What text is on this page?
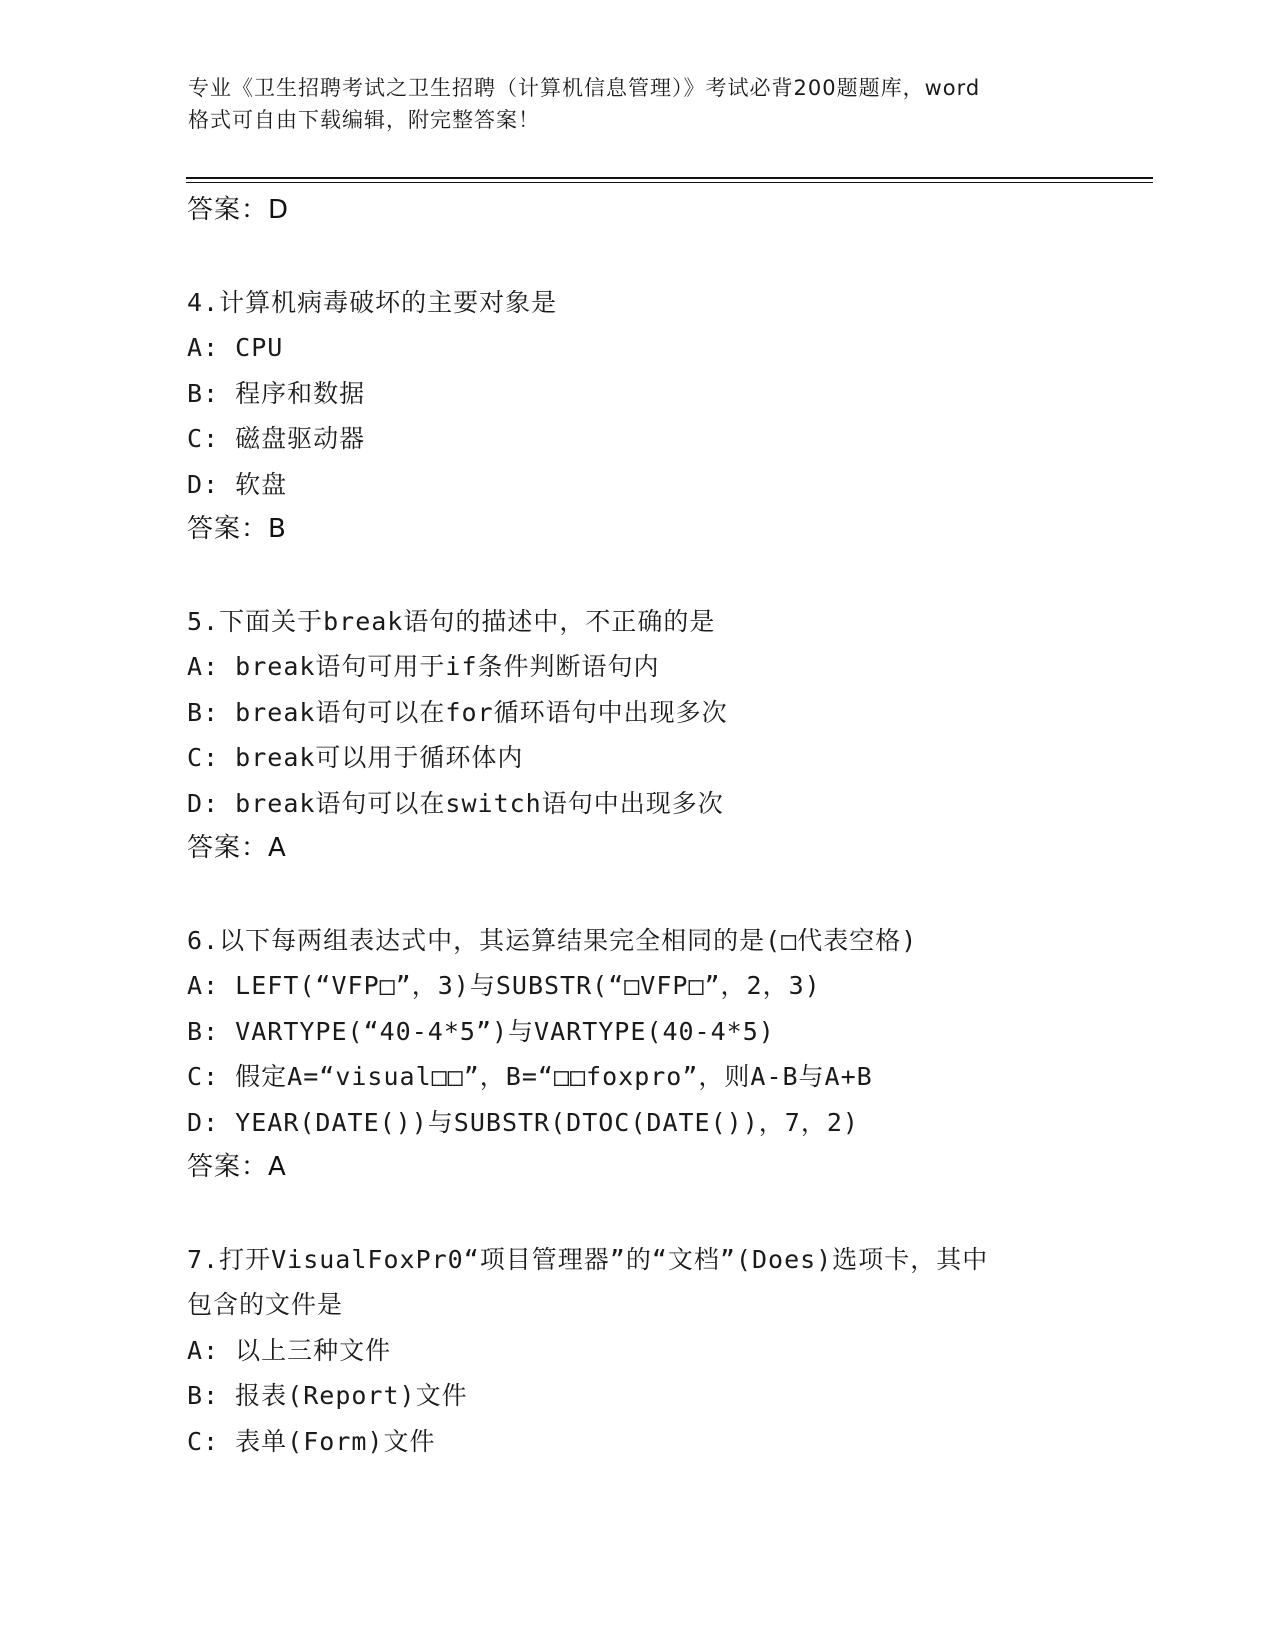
专业《卫生招聘考试之卫生招聘（计算机信息管理）》考试必背200题题库，word
格式可自由下载编辑，附完整答案！
答案：D
4.计算机病毒破坏的主要对象是
A: CPU
B: 程序和数据
C: 磁盘驱动器
D: 软盘
答案：B
5.下面关于break语句的描述中，不正确的是
A: break语句可用于if条件判断语句内
B: break语句可以在for循环语句中出现多次
C: break可以用于循环体内
D: break语句可以在switch语句中出现多次
答案：A
6.以下每两组表达式中，其运算结果完全相同的是(□代表空格)
A: LEFT(“VFP□”，3)与SUBSTR(“□VFP□”，2，3)
B: VARTYPE(“40-4*5”)与VARTYPE(40-4*5)
C: 假定A=“visual□□”，B=“□□foxpro”，则A-B与A+B
D: YEAR(DATE())与SUBSTR(DTOC(DATE())，7，2)
答案：A
7.打开VisualFoxPr0“项目管理器”的“文档”(Does)选项卡，其中
包含的文件是
A: 以上三种文件
B: 报表(Report)文件
C: 表单(Form)文件
